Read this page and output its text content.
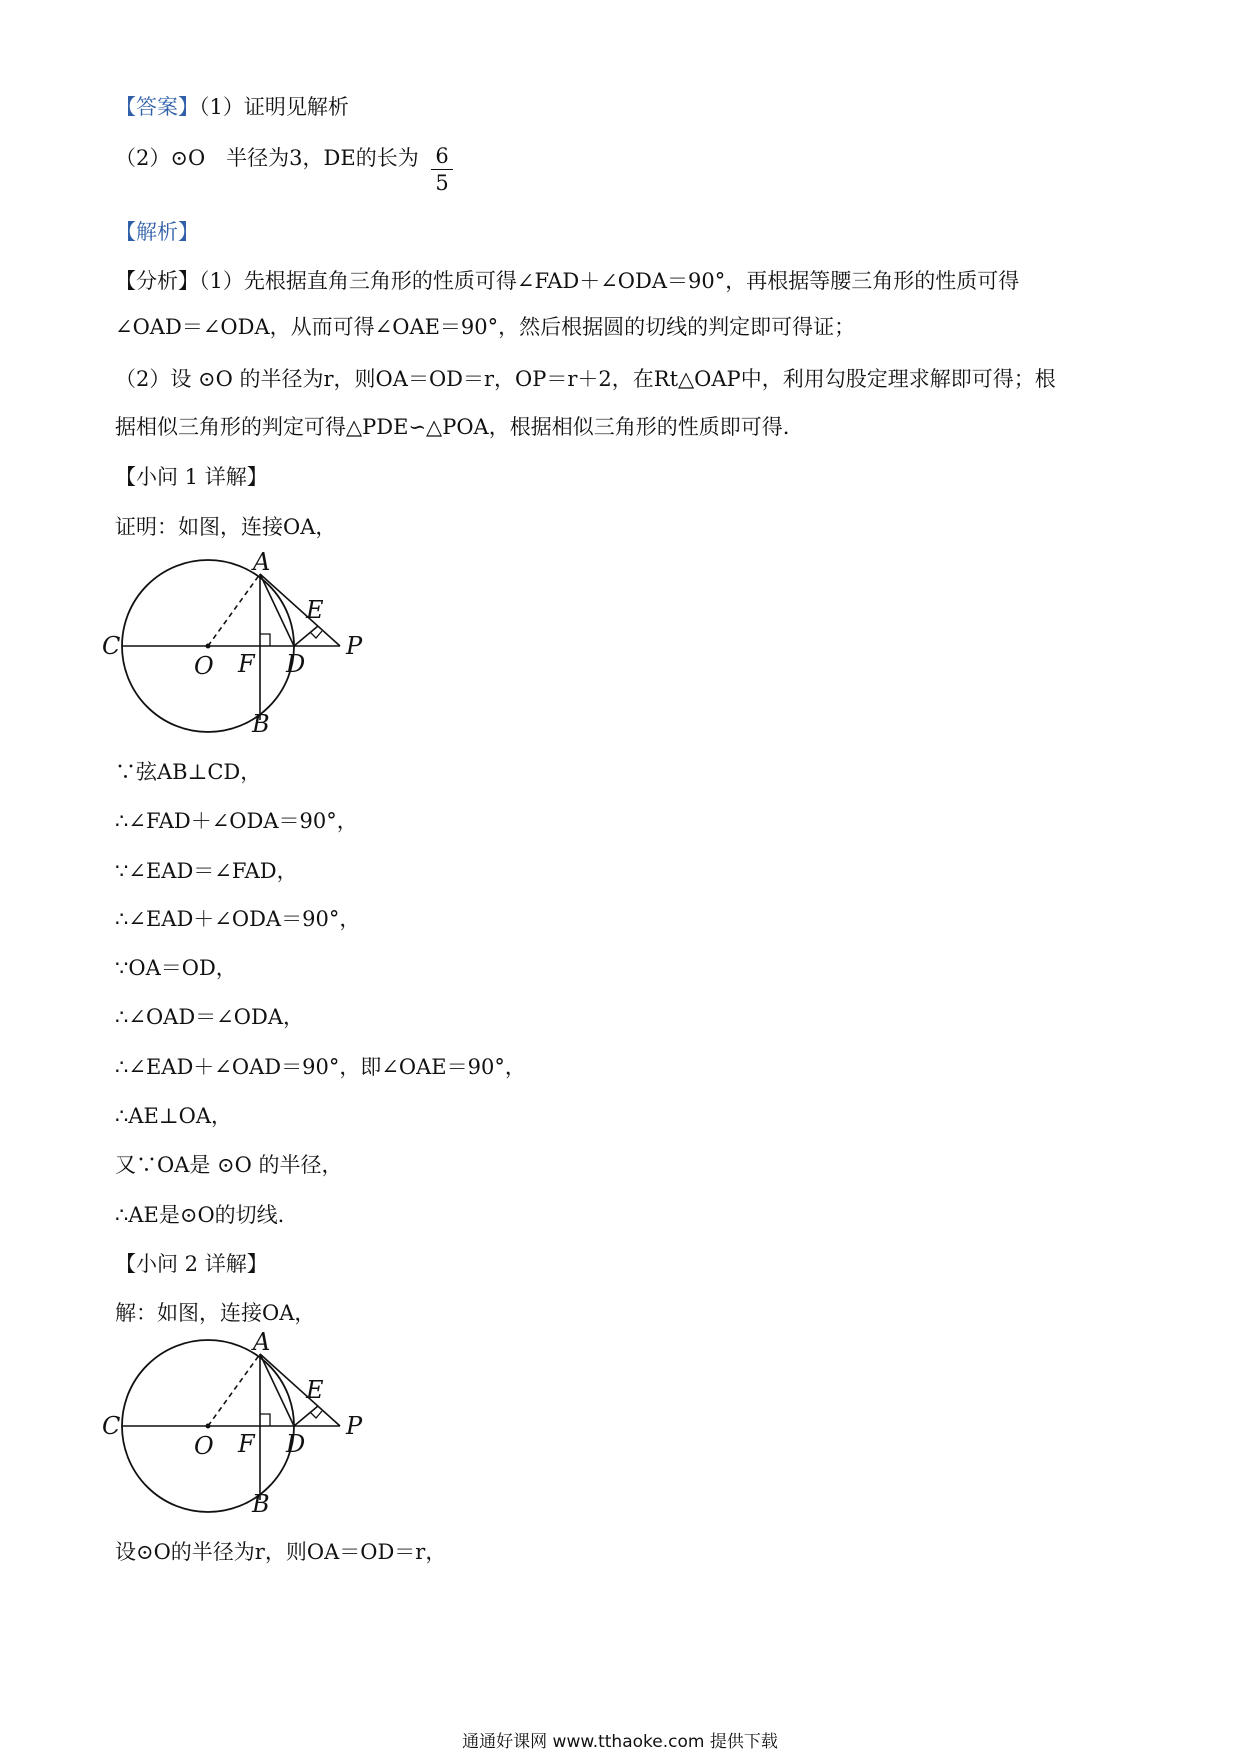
【答案】（1）证明见解析
（2）⊙O　半径为3，DE的长为 6
5
【解析】
【分析】（1）先根据直角三角形的性质可得∠FAD＋∠ODA＝90°，再根据等腰三角形的性质可得
∠OAD＝∠ODA，从而可得∠OAE＝90°，然后根据圆的切线的判定即可得证；
（2）设 ⊙O 的半径为r，则OA＝OD＝r，OP＝r＋2，在Rt△OAP中，利用勾股定理求解即可得；根
据相似三角形的判定可得△PDE∽△POA，根据相似三角形的性质即可得.
【小问 1 详解】
证明：如图，连接OA，
A
B
C
D
E
F
O
P
∵弦AB⊥CD，
∴∠FAD＋∠ODA＝90°，
∵∠EAD＝∠FAD，
∴∠EAD＋∠ODA＝90°，
∵OA＝OD，
∴∠OAD＝∠ODA，
∴∠EAD＋∠OAD＝90°，即∠OAE＝90°，
∴AE⊥OA，
又∵OA是 ⊙O 的半径，
∴AE是⊙O的切线.
【小问 2 详解】
解：如图，连接OA，
A
B
C
D
E
F
O
P
设⊙O的半径为r，则OA＝OD＝r，
通通好课网 www.tthaoke.com 提供下载
